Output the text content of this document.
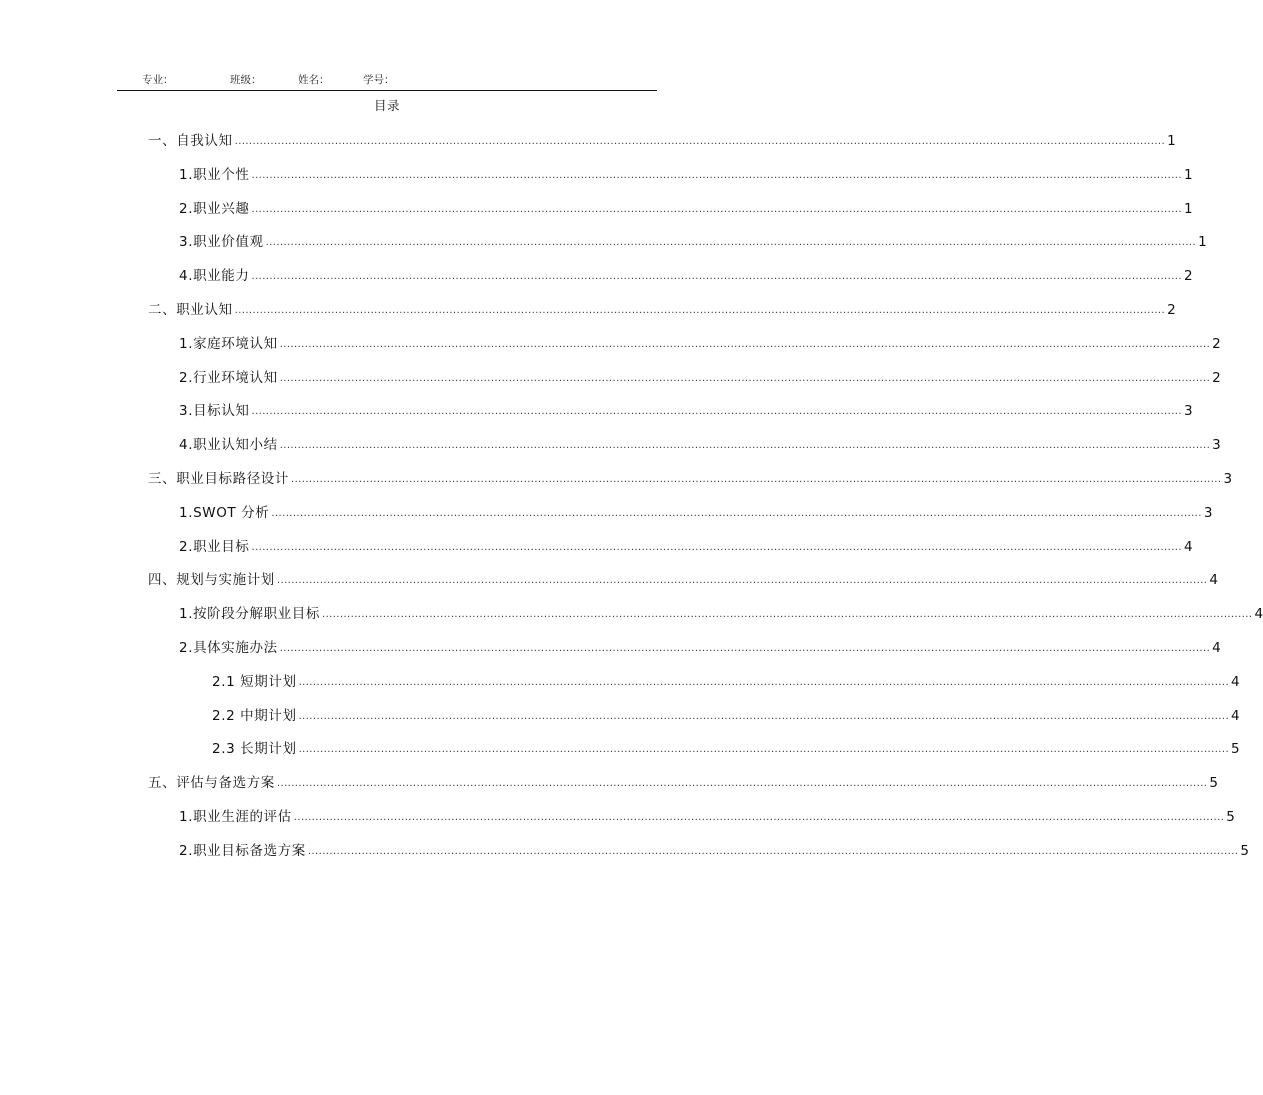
专业：	班级：	姓名：	学号：
目录
一、自我认知 .................................................................................................................................................................................................................................................................... 1
1.职业个性 .................................................................................................................................................................................................................................................................... 1
2.职业兴趣 .................................................................................................................................................................................................................................................................... 1
3.职业价值观 .................................................................................................................................................................................................................................................................... 1
4.职业能力 .................................................................................................................................................................................................................................................................... 2
二、职业认知 .................................................................................................................................................................................................................................................................... 2
1.家庭环境认知 .................................................................................................................................................................................................................................................................... 2
2.行业环境认知 .................................................................................................................................................................................................................................................................... 2
3.目标认知 .................................................................................................................................................................................................................................................................... 3
4.职业认知小结 .................................................................................................................................................................................................................................................................... 3
三、职业目标路径设计 .................................................................................................................................................................................................................................................................... 3
1.SWOT 分析 .................................................................................................................................................................................................................................................................... 3
2.职业目标 .................................................................................................................................................................................................................................................................... 4
四、规划与实施计划 .................................................................................................................................................................................................................................................................... 4
1.按阶段分解职业目标 .................................................................................................................................................................................................................................................................... 4
2.具体实施办法 .................................................................................................................................................................................................................................................................... 4
2.1 短期计划 .................................................................................................................................................................................................................................................................... 4
2.2 中期计划 .................................................................................................................................................................................................................................................................... 4
2.3 长期计划 .................................................................................................................................................................................................................................................................... 5
五、评估与备选方案 .................................................................................................................................................................................................................................................................... 5
1.职业生涯的评估 .................................................................................................................................................................................................................................................................... 5
2.职业目标备选方案 .................................................................................................................................................................................................................................................................... 5
